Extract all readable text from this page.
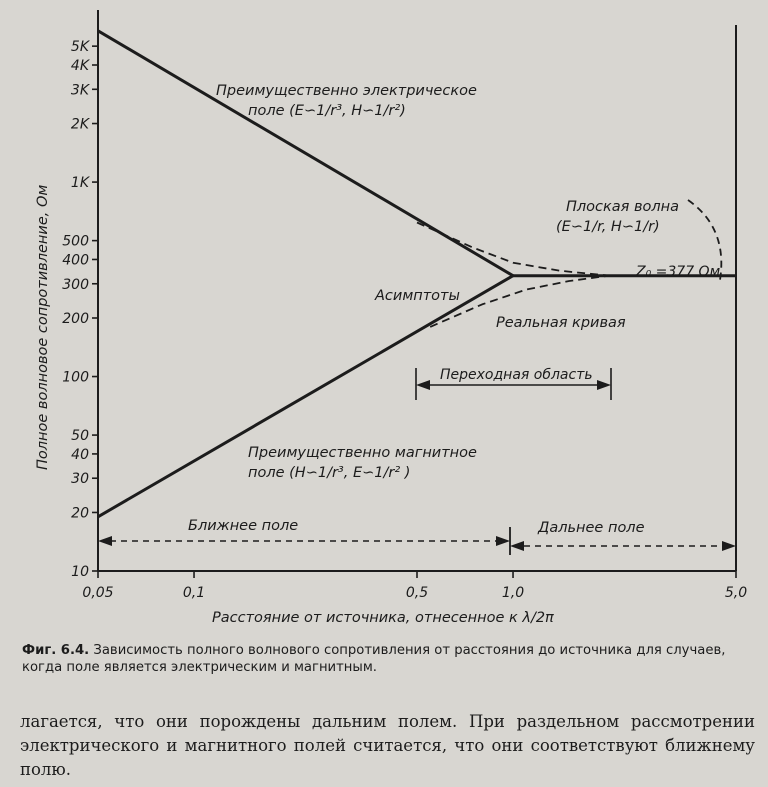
10
20
30
40
50
100
200
300
400
500
1K
2K
3K
4K
5K
0,05	0,1	0,5	1,0	5,0
Преимущественно электрическое
поле (E∽1/r³, H∽1/r²)
Плоская волна
(E∽1/r, H∽1/r)
Z₀ =377 Ом
Асимптоты
Реальная кривая
Переходная область
Преимущественно магнитное
поле (H∽1/r³, E∽1/r² )
Ближнее поле	Дальнее поле
Расстояние от источника, отнесенное к λ/2π
Полное волновое сопротивление, Ом
Фиг. 6.4. Зависимость полного волнового сопротивления от расстояния до источника для случаев, когда поле является электрическим и магнитным.
лагается, что они порождены дальним полем. При раздельном рассмотрении электрического и магнитного полей считается, что они соответствуют ближнему полю.
